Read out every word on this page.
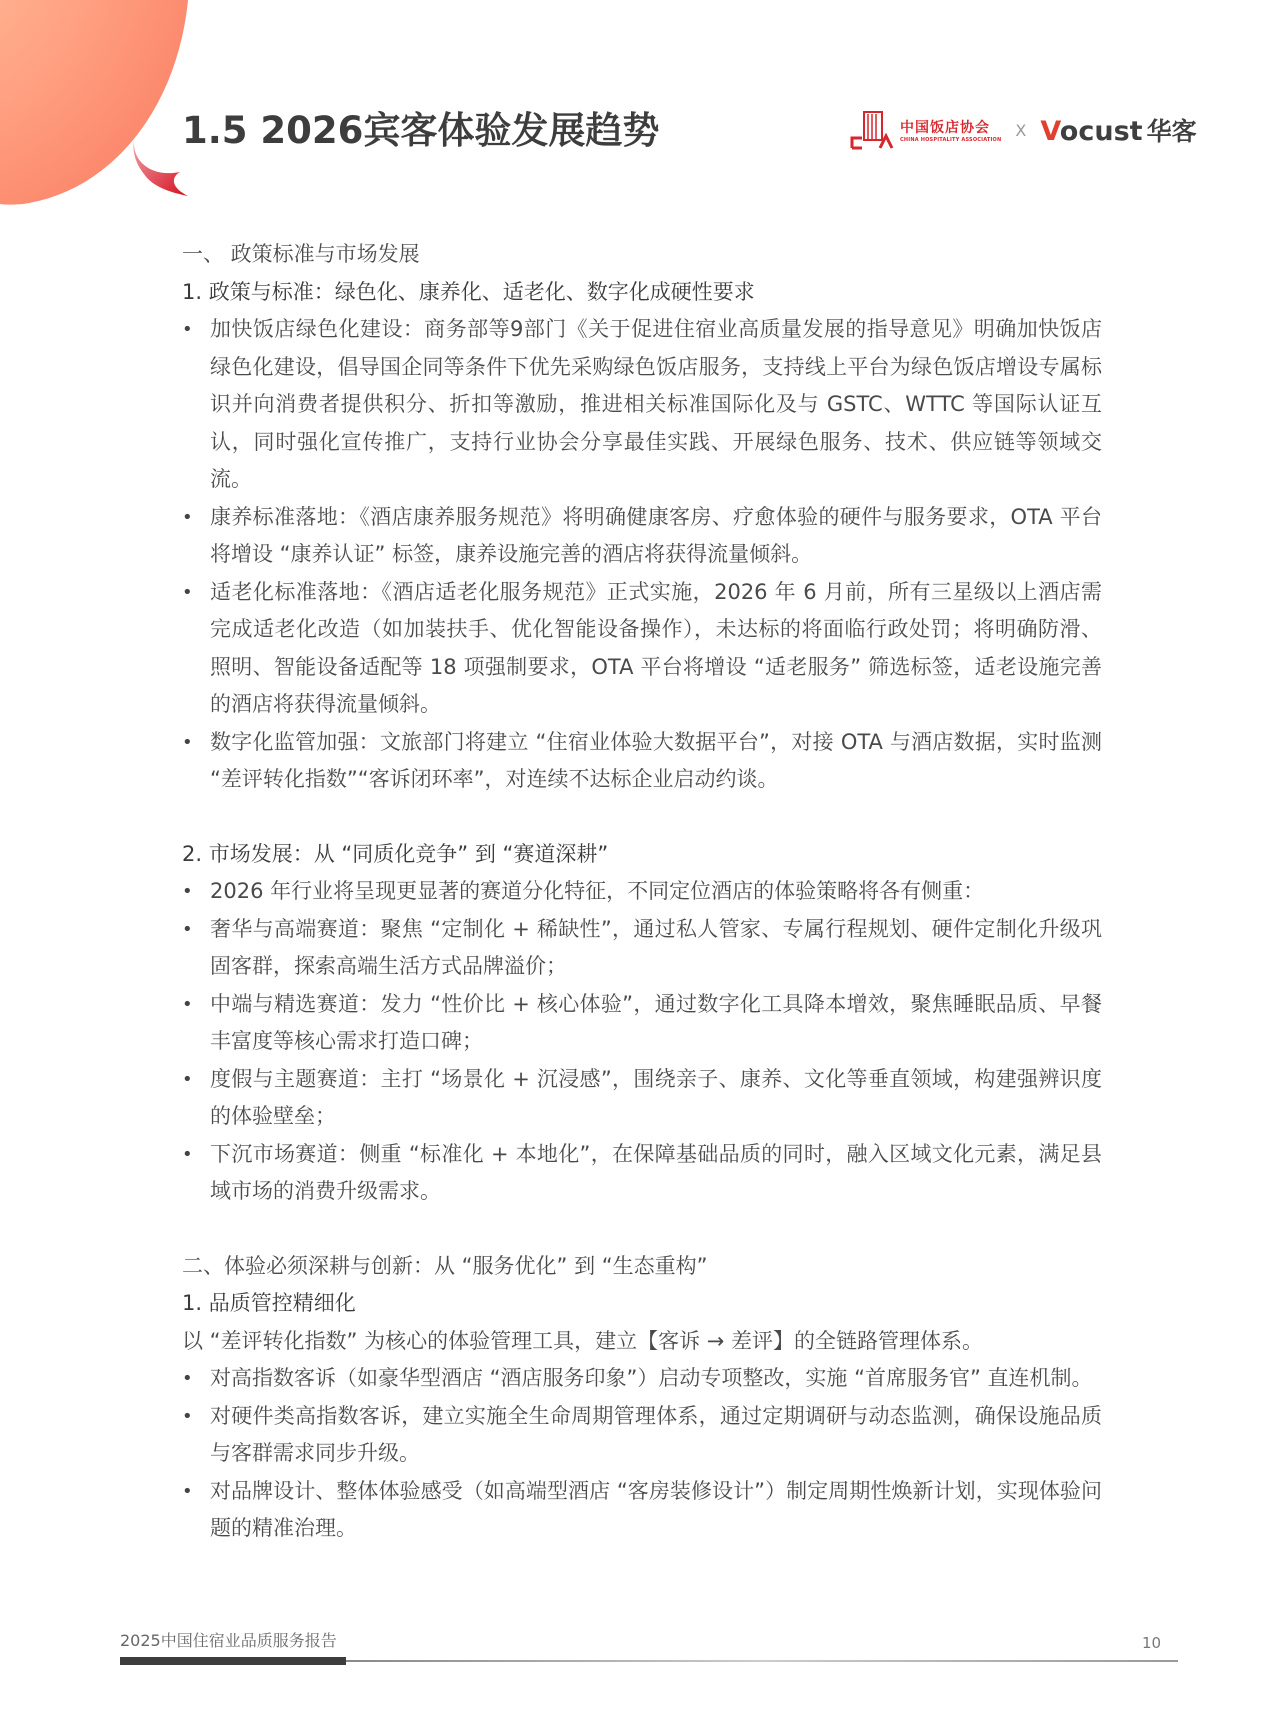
1.5 2026宾客体验发展趋势	中国饭店协会
CHINA HOSPITALITY ASSOCIATION
X Vocust 华客

一、 政策标准与市场发展

1. 政策与标准：绿色化、康养化、适老化、数字化成硬性要求

• 加快饭店绿色化建设：商务部等9部门《关于促进住宿业高质量发展的指导意见》明确加快饭店绿色化建设，倡导国企同等条件下优先采购绿色饭店服务，支持线上平台为绿色饭店增设专属标识并向消费者提供积分、折扣等激励，推进相关标准国际化及与 GSTC、WTTC 等国际认证互认，同时强化宣传推广，支持行业协会分享最佳实践、开展绿色服务、技术、供应链等领域交流。
• 康养标准落地：《酒店康养服务规范》将明确健康客房、疗愈体验的硬件与服务要求，OTA 平台将增设 “康养认证” 标签，康养设施完善的酒店将获得流量倾斜。
• 适老化标准落地：《酒店适老化服务规范》正式实施，2026 年 6 月前，所有三星级以上酒店需完成适老化改造（如加装扶手、优化智能设备操作），未达标的将面临行政处罚；将明确防滑、照明、智能设备适配等 18 项强制要求，OTA 平台将增设 “适老服务” 筛选标签，适老设施完善的酒店将获得流量倾斜。
• 数字化监管加强：文旅部门将建立 “住宿业体验大数据平台”，对接 OTA 与酒店数据，实时监测 “差评转化指数”“客诉闭环率”，对连续不达标企业启动约谈。

2. 市场发展：从 “同质化竞争” 到 “赛道深耕”

• 2026 年行业将呈现更显著的赛道分化特征，不同定位酒店的体验策略将各有侧重：
• 奢华与高端赛道：聚焦 “定制化 + 稀缺性”，通过私人管家、专属行程规划、硬件定制化升级巩固客群，探索高端生活方式品牌溢价；
• 中端与精选赛道：发力 “性价比 + 核心体验”，通过数字化工具降本增效，聚焦睡眠品质、早餐丰富度等核心需求打造口碑；
• 度假与主题赛道：主打 “场景化 + 沉浸感”，围绕亲子、康养、文化等垂直领域，构建强辨识度的体验壁垒；
• 下沉市场赛道：侧重 “标准化 + 本地化”，在保障基础品质的同时，融入区域文化元素，满足县域市场的消费升级需求。

二、体验必须深耕与创新：从 “服务优化” 到 “生态重构”

1. 品质管控精细化

以 “差评转化指数” 为核心的体验管理工具，建立【客诉 → 差评】的全链路管理体系。

• 对高指数客诉（如豪华型酒店 “酒店服务印象”）启动专项整改，实施 “首席服务官” 直连机制。
• 对硬件类高指数客诉，建立实施全生命周期管理体系，通过定期调研与动态监测，确保设施品质与客群需求同步升级。
• 对品牌设计、整体体验感受（如高端型酒店 “客房装修设计”）制定周期性焕新计划，实现体验问题的精准治理。
2025中国住宿业品质服务报告	10
